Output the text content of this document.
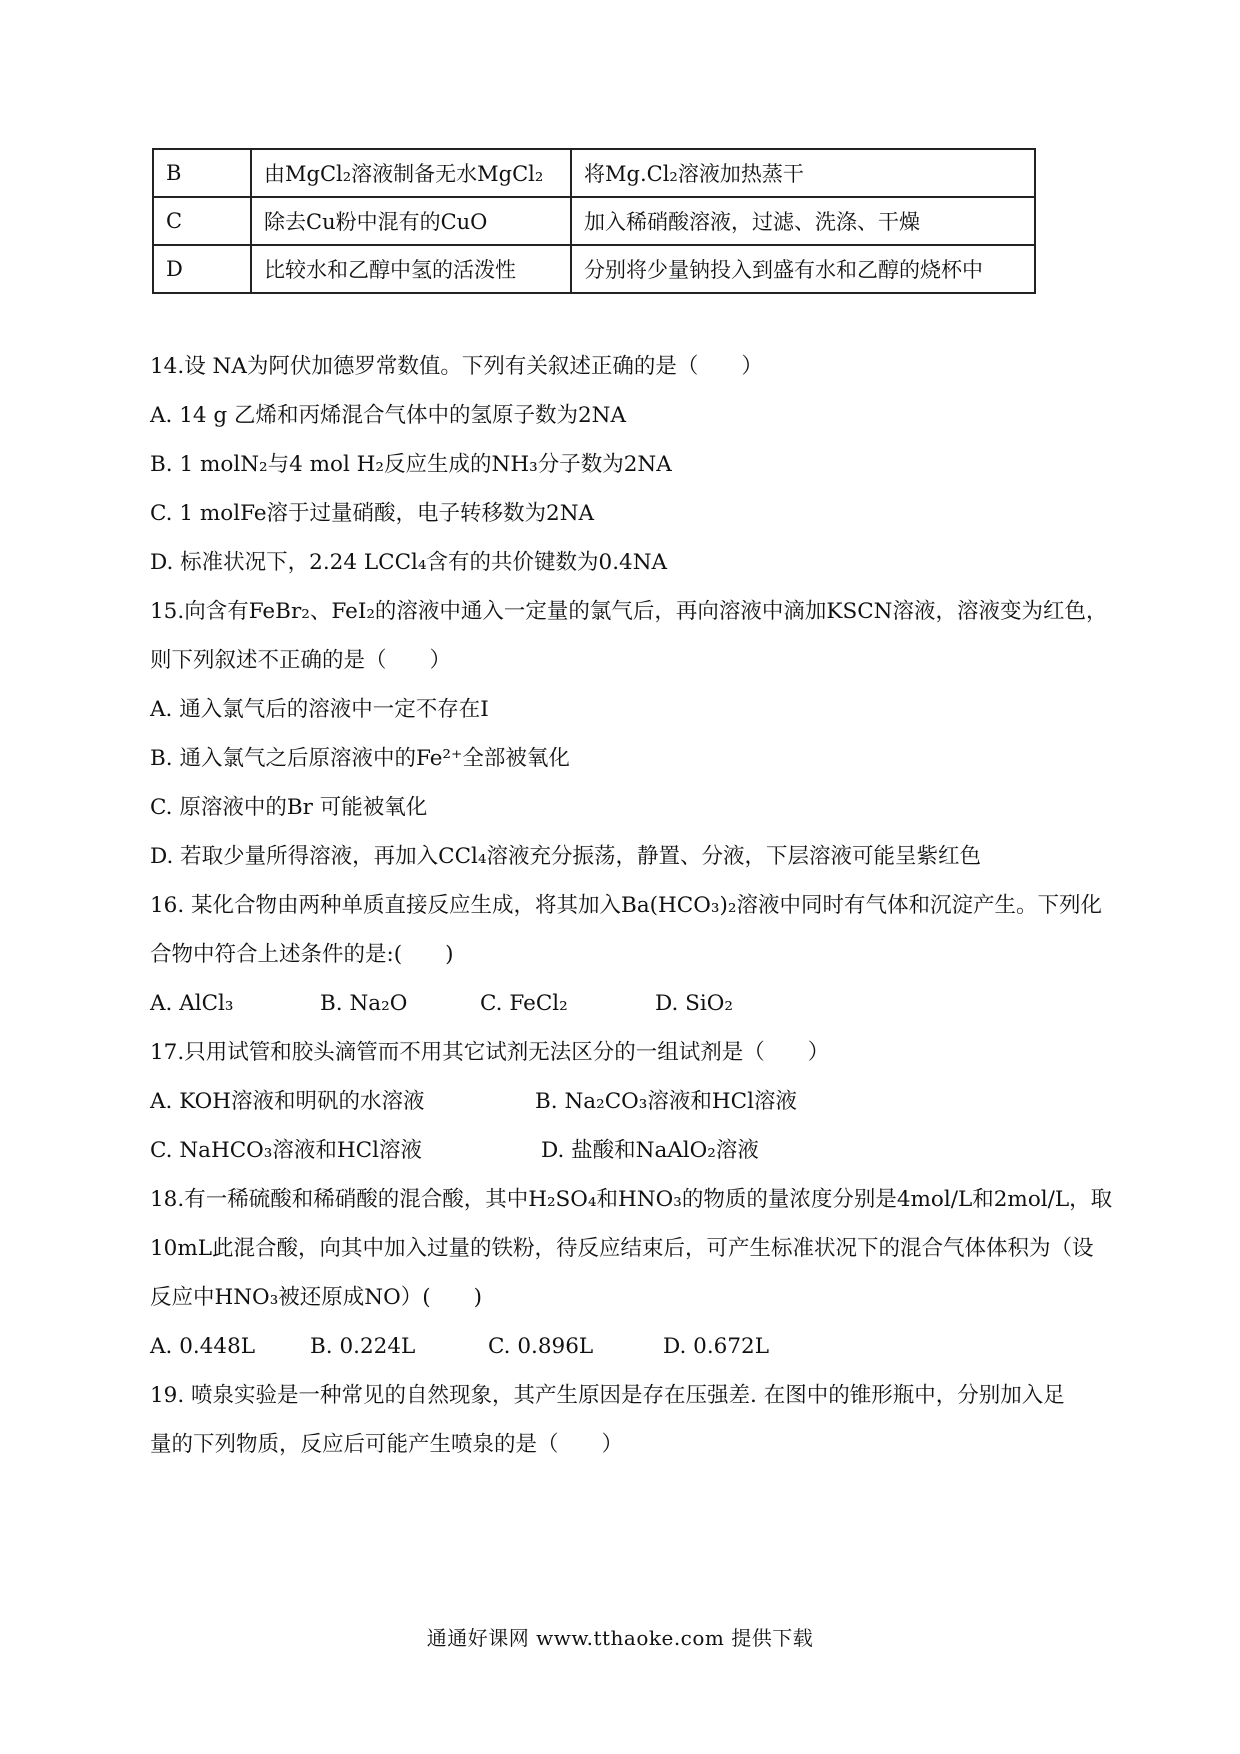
B	由MgCl₂溶液制备无水MgCl₂	将Mg.Cl₂溶液加热蒸干
C	除去Cu粉中混有的CuO	加入稀硝酸溶液，过滤、洗涤、干燥
D	比较水和乙醇中氢的活泼性	分别将少量钠投入到盛有水和乙醇的烧杯中
14.设 NA为阿伏加德罗常数值。下列有关叙述正确的是（　　）
A. 14 g 乙烯和丙烯混合气体中的氢原子数为2NA
B. 1 molN₂与4 mol H₂反应生成的NH₃分子数为2NA
C. 1 molFe溶于过量硝酸，电子转移数为2NA
D. 标准状况下，2.24 LCCl₄含有的共价键数为0.4NA
15.向含有FeBr₂、FeI₂的溶液中通入一定量的氯气后，再向溶液中滴加KSCN溶液，溶液变为红色，
则下列叙述不正确的是（　　）
A. 通入氯气后的溶液中一定不存在I
B. 通入氯气之后原溶液中的Fe²⁺全部被氧化
C. 原溶液中的Br 可能被氧化
D. 若取少量所得溶液，再加入CCl₄溶液充分振荡，静置、分液，下层溶液可能呈紫红色
16. 某化合物由两种单质直接反应生成，将其加入Ba(HCO₃)₂溶液中同时有气体和沉淀产生。下列化
合物中符合上述条件的是:(　　)
A. AlCl₃	B. Na₂O	C. FeCl₂	D. SiO₂
17.只用试管和胶头滴管而不用其它试剂无法区分的一组试剂是（　　）
A. KOH溶液和明矾的水溶液	B. Na₂CO₃溶液和HCl溶液
C. NaHCO₃溶液和HCl溶液	D. 盐酸和NaAlO₂溶液
18.有一稀硫酸和稀硝酸的混合酸，其中H₂SO₄和HNO₃的物质的量浓度分别是4mol/L和2mol/L，取
10mL此混合酸，向其中加入过量的铁粉，待反应结束后，可产生标准状况下的混合气体体积为（设
反应中HNO₃被还原成NO）(　　)
A. 0.448L	B. 0.224L	C. 0.896L	D. 0.672L
19. 喷泉实验是一种常见的自然现象，其产生原因是存在压强差. 在图中的锥形瓶中，分别加入足
量的下列物质，反应后可能产生喷泉的是（　　）
通通好课网 www.tthaoke.com 提供下载
